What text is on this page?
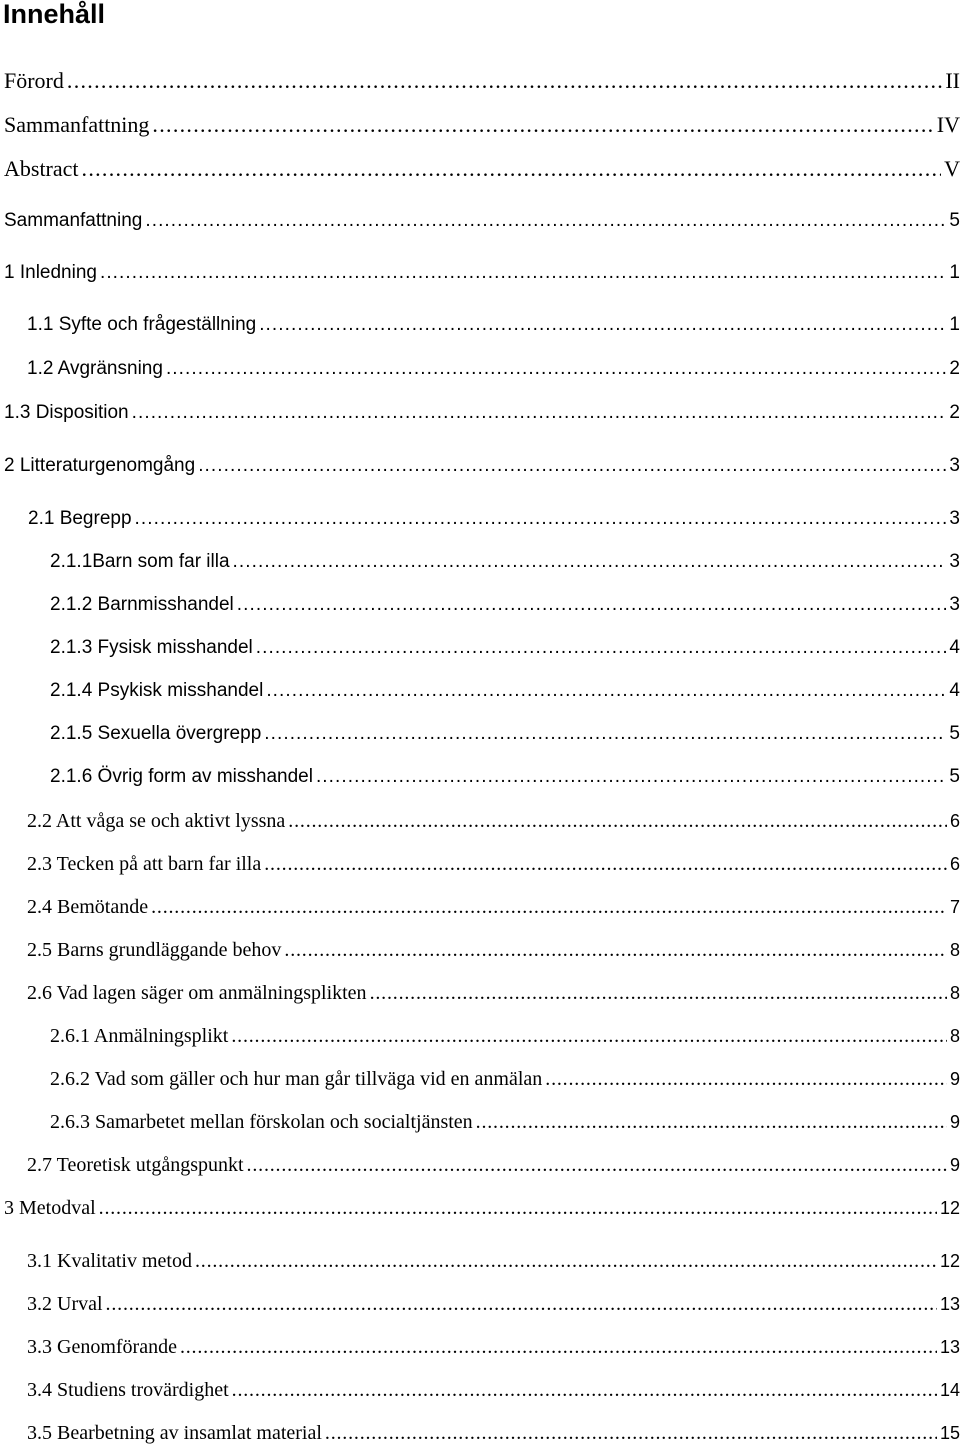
Innehåll
Förord . . .	II
Sammanfattning . . .	IV
Abstract . . .	V
Sammanfattning . . .	5
1 Inledning . . .	1
1.1 Syfte och frågeställning . . .	1
1.2 Avgränsning . . .	2
1.3 Disposition . . .	2
2 Litteraturgenomgång . . .	3
2.1 Begrepp . . .	3
2.1.1Barn som far illa . . .	3
2.1.2 Barnmisshandel . . .	3
2.1.3 Fysisk misshandel . . .	4
2.1.4 Psykisk misshandel . . .	4
2.1.5 Sexuella övergrepp . . .	5
2.1.6 Övrig form av misshandel . . .	5
2.2 Att våga se och aktivt lyssna . . .	6
2.3 Tecken på att barn far illa . . .	6
2.4 Bemötande . . .	7
2.5 Barns grundläggande behov . . .	8
2.6 Vad lagen säger om anmälningsplikten . . .	8
2.6.1 Anmälningsplikt . . .	8
2.6.2 Vad som gäller och hur man går tillväga vid en anmälan . . .	9
2.6.3 Samarbetet mellan förskolan och socialtjänsten . . .	9
2.7 Teoretisk utgångspunkt . . .	9
3 Metodval . . .	12
3.1 Kvalitativ metod . . .	12
3.2 Urval . . .	13
3.3 Genomförande . . .	13
3.4 Studiens trovärdighet . . .	14
3.5 Bearbetning av insamlat material . . .	15
